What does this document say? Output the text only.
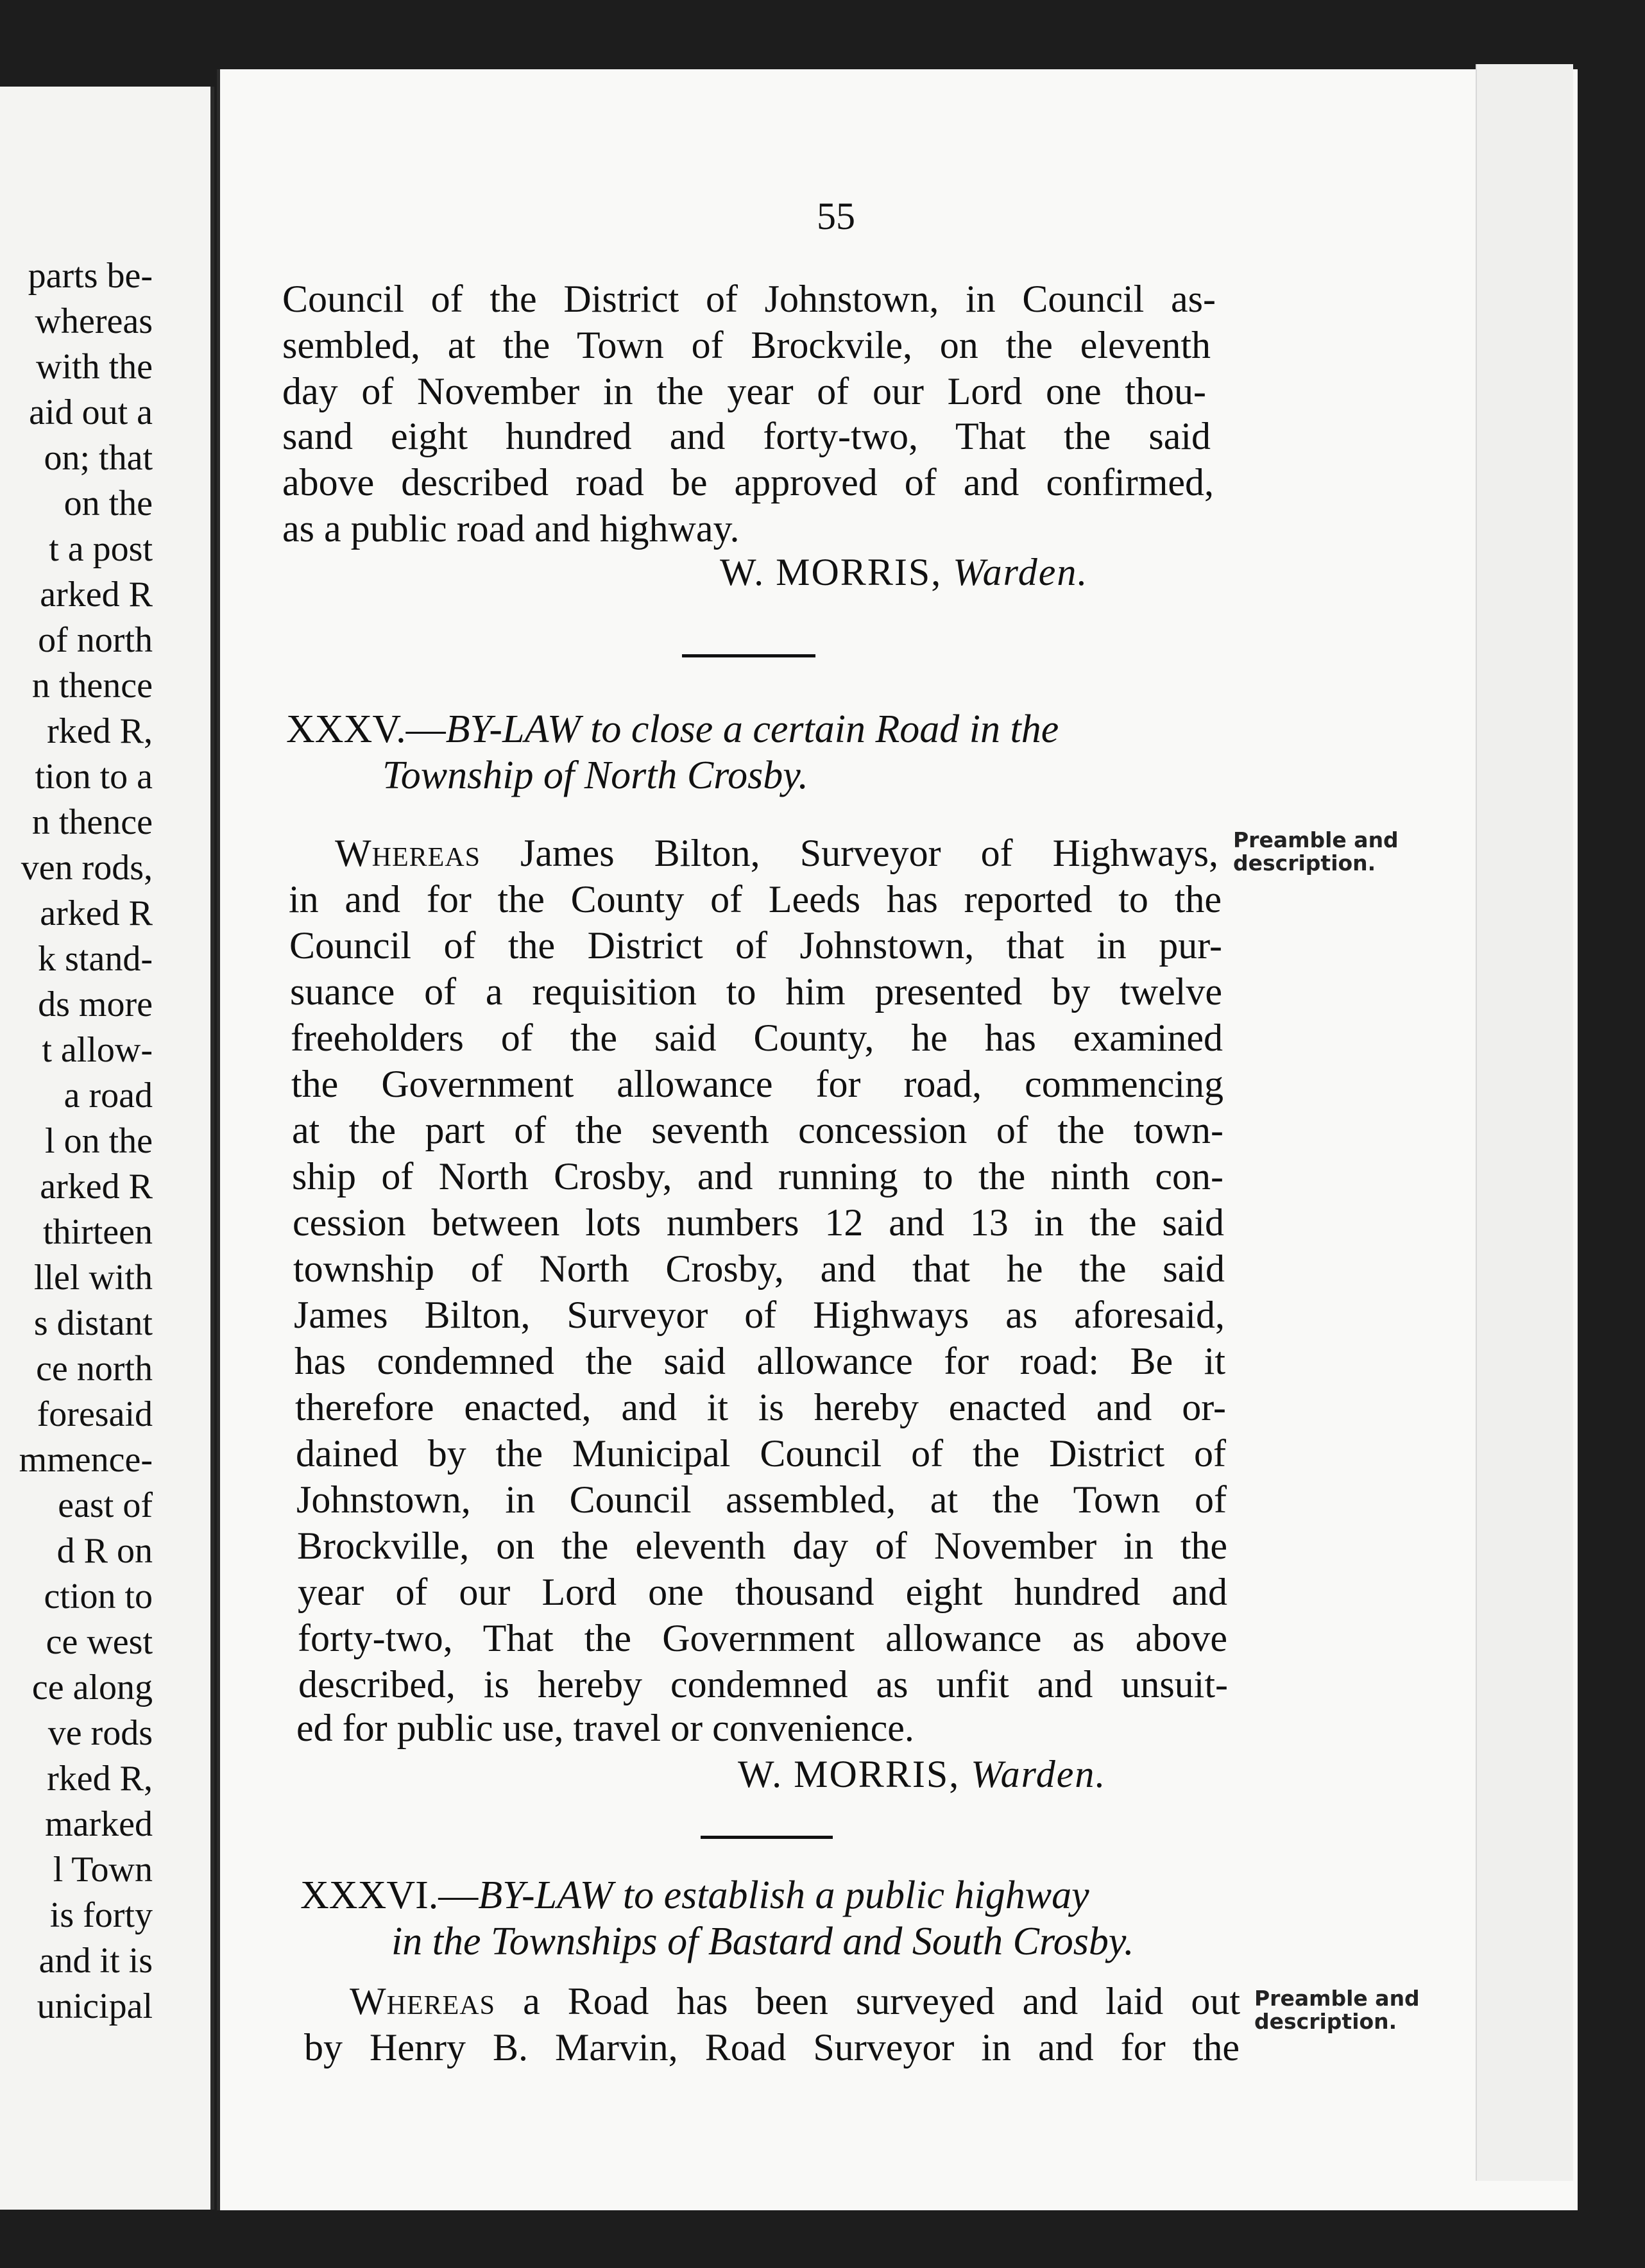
parts be-
whereas
with the
aid out a
on; that
on the
t a post
arked R
of north
n thence
rked R,
tion to a
n thence
ven rods,
arked R
k stand-
ds more
t allow-
a road
l on the
arked R
thirteen
llel with
s distant
ce north
foresaid
mmence-
east of
d R on
ction to
ce west
ce along
ve rods
rked R,
marked
l Town
is forty
and it is
unicipal
55
Council of the District of Johnstown, in Council as-
sembled, at the Town of Brockvile, on the eleventh
day of November in the year of our Lord one thou-
sand eight hundred and forty-two, That the said
above described road be approved of and confirmed,
as a public road and highway.
W. MORRIS, Warden.
XXXV.—BY-LAW to close a certain Road in the
Township of North Crosby.
Whereas James Bilton, Surveyor of Highways,
in and for the County of Leeds has reported to the
Council of the District of Johnstown, that in pur-
suance of a requisition to him presented by twelve
freeholders of the said County, he has examined
the Government allowance for road, commencing
at the part of the seventh concession of the town-
ship of North Crosby, and running to the ninth con-
cession between lots numbers 12 and 13 in the said
township of North Crosby, and that he the said
James Bilton, Surveyor of Highways as aforesaid,
has condemned the said allowance for road: Be it
therefore enacted, and it is hereby enacted and or-
dained by the Municipal Council of the District of
Johnstown, in Council assembled, at the Town of
Brockville, on the eleventh day of November in the
year of our Lord one thousand eight hundred and
forty-two, That the Government allowance as above
described, is hereby condemned as unfit and unsuit-
ed for public use, travel or convenience.
Preamble and
description.
W. MORRIS, Warden.
XXXVI.—BY-LAW to establish a public highway
in the Townships of Bastard and South Crosby.
Whereas a Road has been surveyed and laid out
by Henry B. Marvin, Road Surveyor in and for the
Preamble and
description.
